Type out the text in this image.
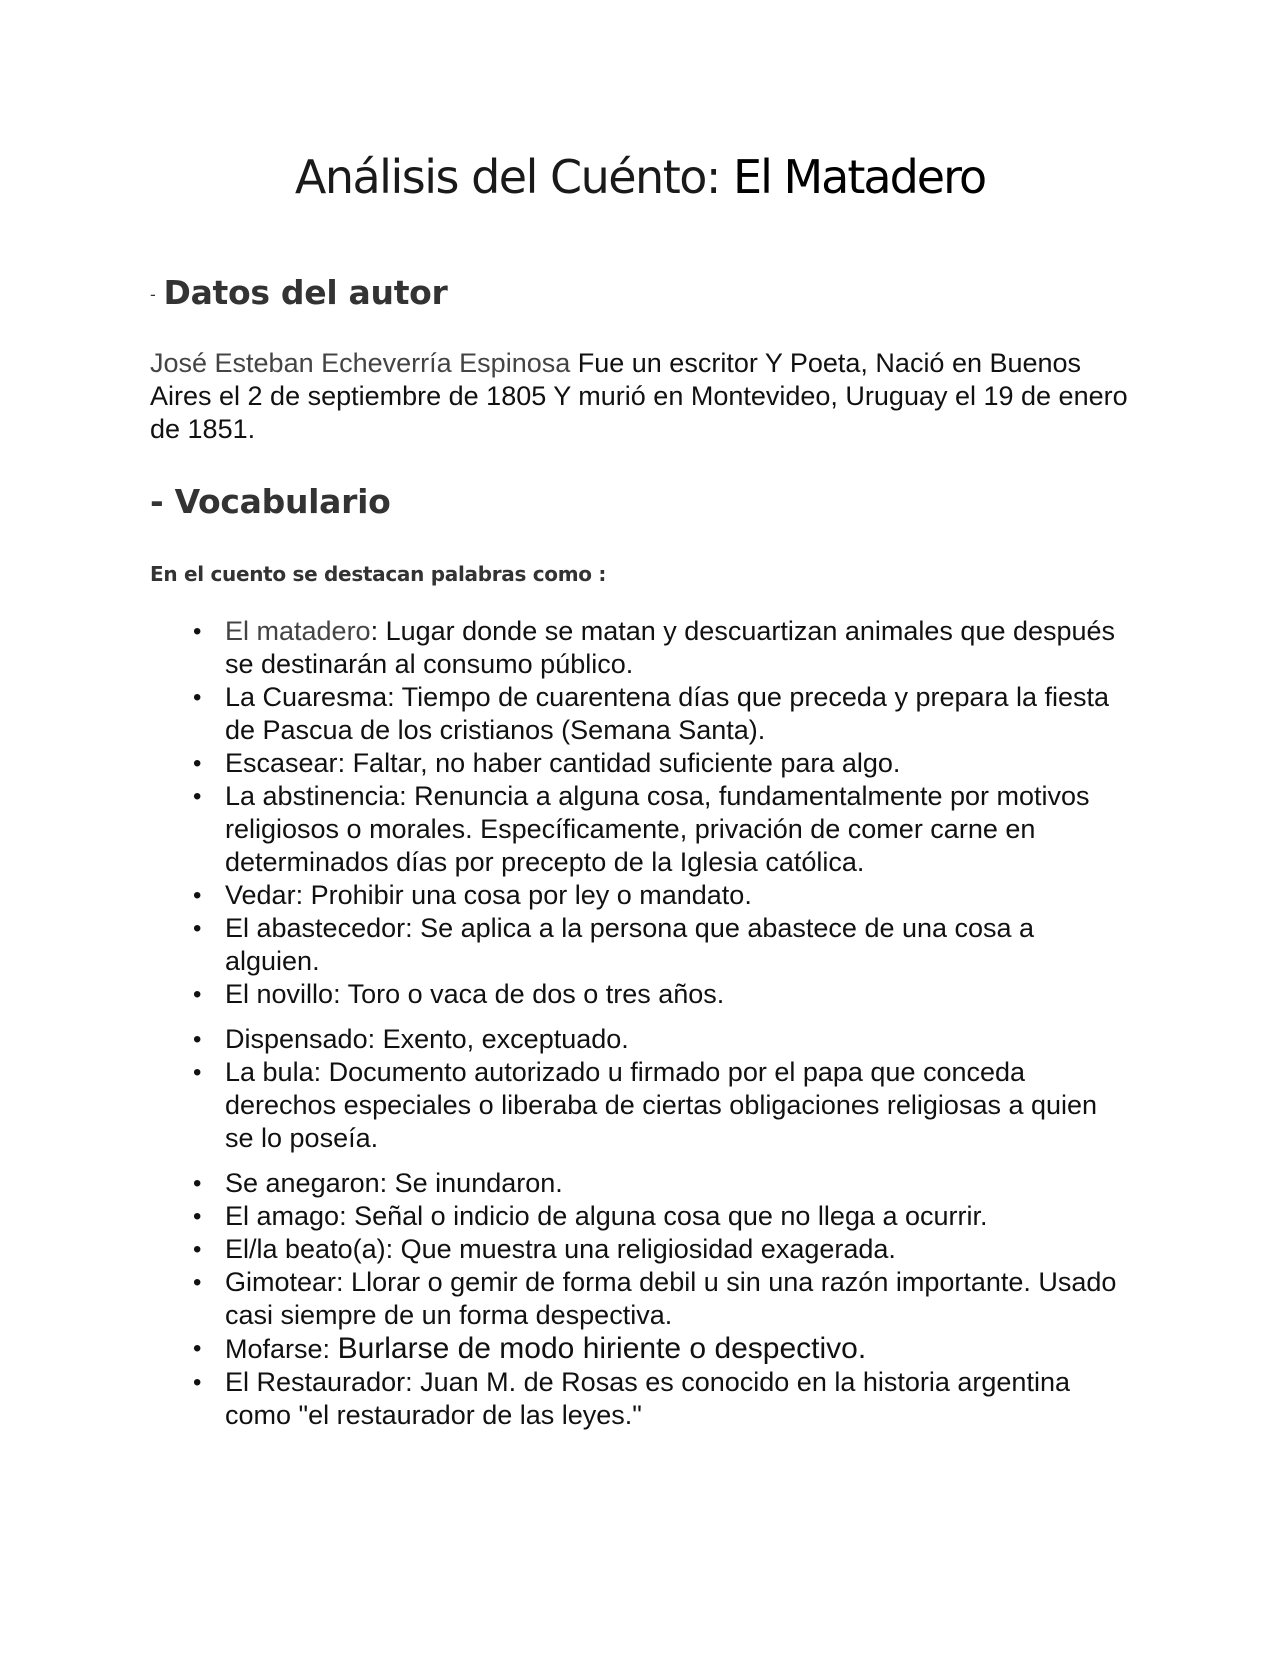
Análisis del Cuénto: El Matadero
- Datos del autor

José Esteban Echeverría Espinosa Fue un escritor Y Poeta, Nació en Buenos Aires el 2 de septiembre de 1805 Y murió en Montevideo, Uruguay el 19 de enero de 1851.

- Vocabulario

En el cuento se destacan palabras como :

• El matadero: Lugar donde se matan y descuartizan animales que después se destinarán al consumo público.
• La Cuaresma: Tiempo de cuarentena días que preceda y prepara la fiesta de Pascua de los cristianos (Semana Santa).
• Escasear: Faltar, no haber cantidad suficiente para algo.
• La abstinencia: Renuncia a alguna cosa, fundamentalmente por motivos religiosos o morales. Específicamente, privación de comer carne en determinados días por precepto de la Iglesia católica.
• Vedar: Prohibir una cosa por ley o mandato.
• El abastecedor: Se aplica a la persona que abastece de una cosa a alguien.
• El novillo: Toro o vaca de dos o tres años.
• Dispensado: Exento, exceptuado.
• La bula: Documento autorizado u firmado por el papa que conceda derechos especiales o liberaba de ciertas obligaciones religiosas a quien se lo poseía.
• Se anegaron: Se inundaron.
• El amago: Señal o indicio de alguna cosa que no llega a ocurrir.
• El/la beato(a): Que muestra una religiosidad exagerada.
• Gimotear: Llorar o gemir de forma debil u sin una razón importante. Usado casi siempre de un forma despectiva.
• Mofarse: Burlarse de modo hiriente o despectivo.
• El Restaurador: Juan M. de Rosas es conocido en la historia argentina como "el restaurador de las leyes."
